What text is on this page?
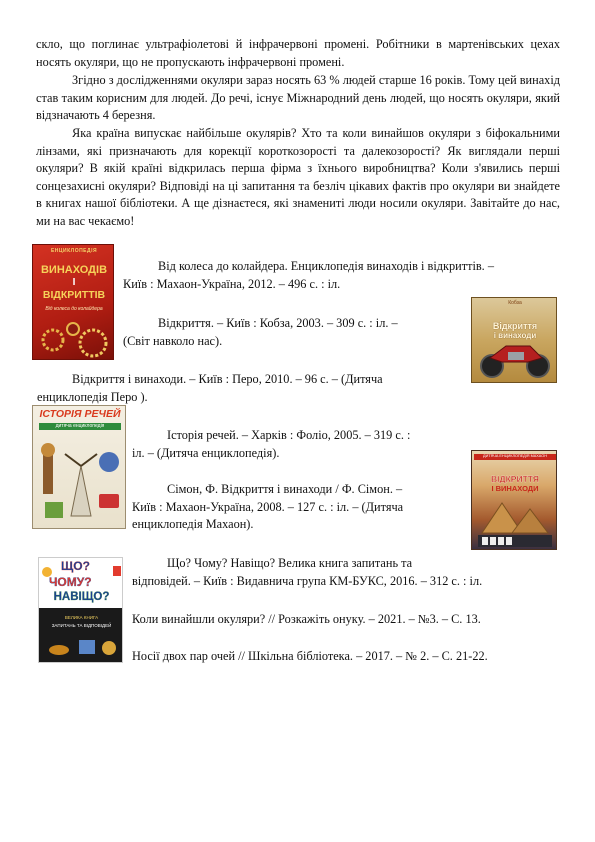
скло, що поглинає ультрафіолетові й інфрачервоні промені. Робітники в мартенівських цехах носять окуляри, що не пропускають інфрачервоні промені.

Згідно з дослідженнями окуляри зараз носять 63 % людей старше 16 років. Тому цей винахід став таким корисним для людей. До речі, існує Міжнародний день людей, що носять окуляри, який відзначають 4 березня.

Яка країна випускає найбільше окулярів? Хто та коли винайшов окуляри з біфокальними лінзами, які призначають для корекції короткозорості та далекозорості? Як виглядали перші окуляри? В якій країні відкрилась перша фірма з їхнього виробництва? Коли з'явились перші сонцезахисні окуляри? Відповіді на ці запитання та безліч цікавих фактів про окуляри ви знайдете в книгах нашої бібліотеки. А ще дізнаєтеся, які знамениті люди носили окуляри. Завітайте до нас, ми на вас чекаємо!

ЕНЦИКЛОПЕДІЯ
ВИНАХОДІВ
І
ВІДКРИТТІВ
Від колеса до колайдера
Кобза
Відкриття
і винаходи
ІСТОРІЯ РЕЧЕЙ
дитяча енциклопедія
ДИТЯЧА ЕНЦИКЛОПЕДІЯ МАХАОН
ВІДКРИТТЯ
І ВИНАХОДИ
ЩО?
ЧОМУ?
НАВІЩО?
ВЕЛИКА КНИГА
ЗАПИТАНЬ ТА ВІДПОВІДЕЙ
Від колеса до колайдера. Енциклопедія винаходів і відкриттів. –
Київ : Махаон-Україна, 2012. – 496 с. : іл.
Відкриття. – Київ : Кобза, 2003. – 309 с. : іл. –
(Світ навколо нас).
Відкриття і винаходи. – Київ : Перо, 2010. – 96 с. – (Дитяча
енциклопедія Перо ).
Історія речей. – Харків : Фоліо, 2005. – 319 с. :
іл. – (Дитяча енциклопедія).
Сімон, Ф. Відкриття і винаходи / Ф. Сімон. –
Київ : Махаон-Україна, 2008. – 127 с. : іл. – (Дитяча
енциклопедія Махаон).
Що? Чому? Навіщо? Велика книга запитань та
відповідей. – Київ : Видавнича група КМ-БУКС, 2016. – 312 с. : іл.
Коли винайшли окуляри? // Розкажіть онуку. – 2021. – №3. – С. 13.
Носії двох пар очей // Шкільна бібліотека. – 2017. – № 2. – С. 21-22.
